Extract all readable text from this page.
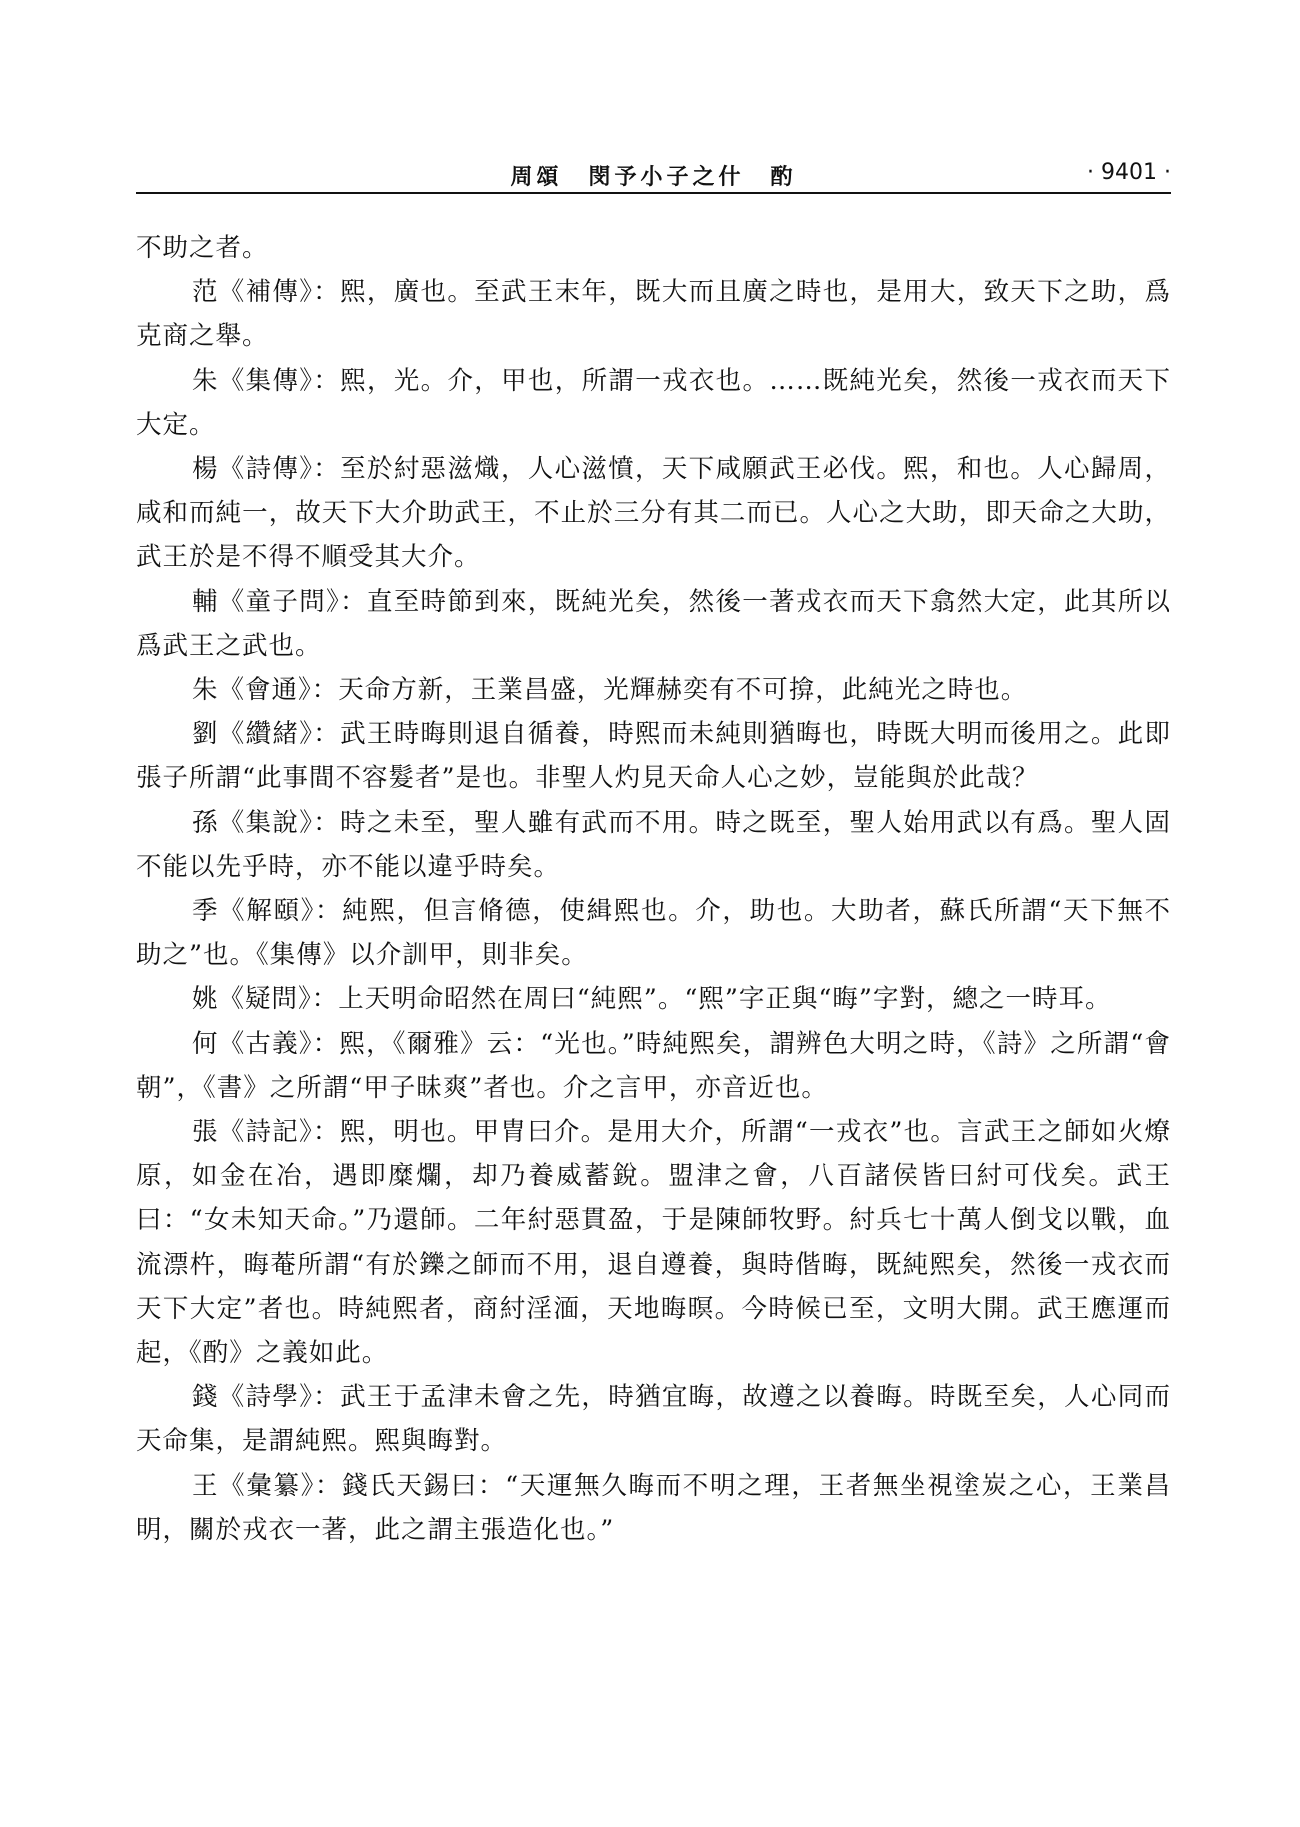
周頌　閔予小子之什　酌	· 9401 ·

不助之者。

范《補傳》：熙，廣也。至武王末年，既大而且廣之時也，是用大，致天下之助，爲克商之舉。

朱《集傳》：熙，光。介，甲也，所謂一戎衣也。……既純光矣，然後一戎衣而天下大定。

楊《詩傳》：至於紂惡滋熾，人心滋憤，天下咸願武王必伐。熙，和也。人心歸周，咸和而純一，故天下大介助武王，不止於三分有其二而已。人心之大助，即天命之大助，武王於是不得不順受其大介。

輔《童子問》：直至時節到來，既純光矣，然後一著戎衣而天下翕然大定，此其所以爲武王之武也。

朱《會通》：天命方新，王業昌盛，光輝赫奕有不可揜，此純光之時也。

劉《纘緒》：武王時晦則退自循養，時熙而未純則猶晦也，時既大明而後用之。此即張子所謂“此事間不容髮者”是也。非聖人灼見天命人心之妙，豈能與於此哉？

孫《集說》：時之未至，聖人雖有武而不用。時之既至，聖人始用武以有爲。聖人固不能以先乎時，亦不能以違乎時矣。

季《解頤》：純熙，但言脩德，使緝熙也。介，助也。大助者，蘇氏所謂“天下無不助之”也。《集傳》以介訓甲，則非矣。

姚《疑問》：上天明命昭然在周曰“純熙”。“熙”字正與“晦”字對，總之一時耳。

何《古義》：熙，《爾雅》云：“光也。”時純熙矣，謂辨色大明之時，《詩》之所謂“會朝”，《書》之所謂“甲子昧爽”者也。介之言甲，亦音近也。

張《詩記》：熙，明也。甲胄曰介。是用大介，所謂“一戎衣”也。言武王之師如火燎原，如金在冶，遇即糜爛，却乃養威蓄銳。盟津之會，八百諸侯皆曰紂可伐矣。武王曰：“女未知天命。”乃還師。二年紂惡貫盈，于是陳師牧野。紂兵七十萬人倒戈以戰，血流漂杵，晦菴所謂“有於鑠之師而不用，退自遵養，與時偕晦，既純熙矣，然後一戎衣而天下大定”者也。時純熙者，商紂淫湎，天地晦暝。今時候已至，文明大開。武王應運而起，《酌》之義如此。

錢《詩學》：武王于孟津未會之先，時猶宜晦，故遵之以養晦。時既至矣，人心同而天命集，是謂純熙。熙與晦對。

王《彙纂》：錢氏天錫曰：“天運無久晦而不明之理，王者無坐視塗炭之心，王業昌明，關於戎衣一著，此之謂主張造化也。”
